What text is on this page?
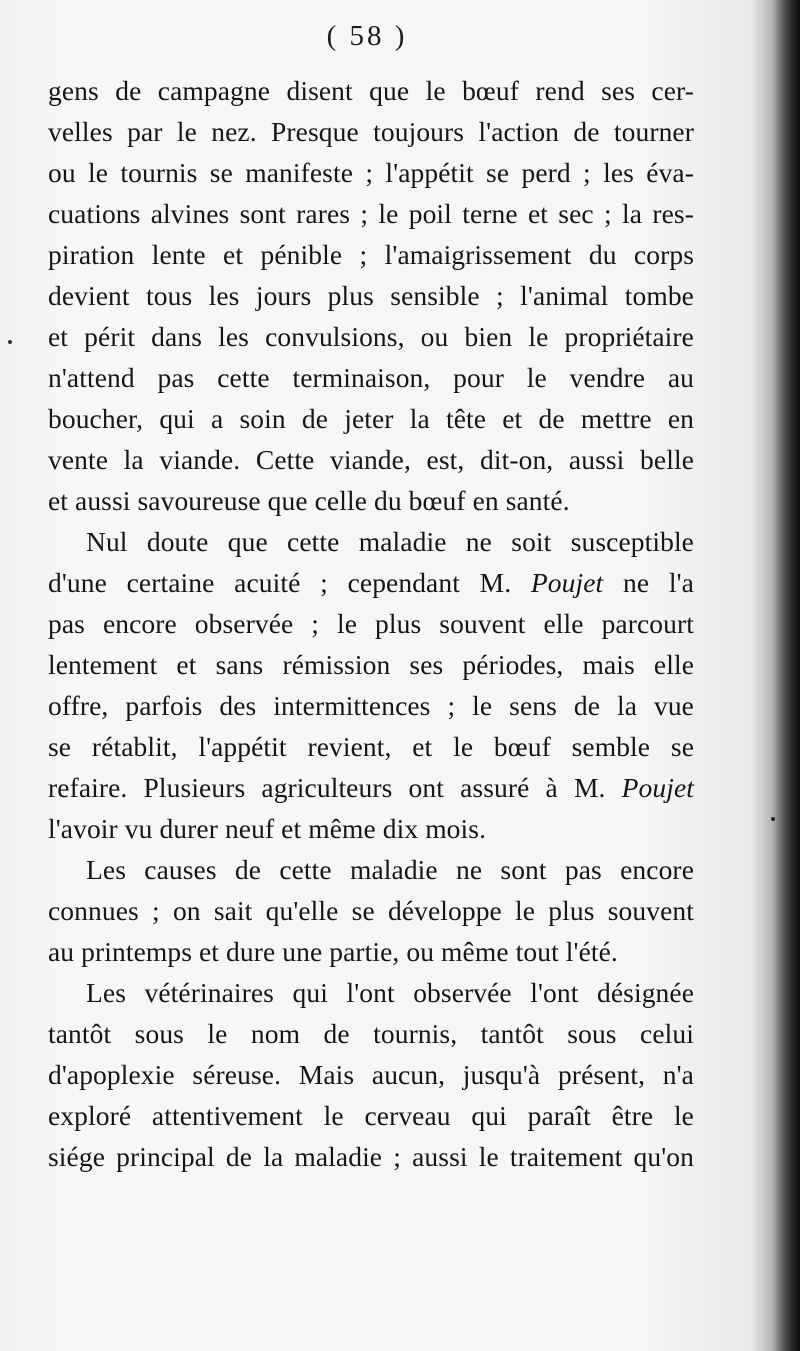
( 58 )
gens de campagne disent que le bœuf rend ses cer-
velles par le nez. Presque toujours l'action de tourner
ou le tournis se manifeste ; l'appétit se perd ; les éva-
cuations alvines sont rares ; le poil terne et sec ; la res-
piration lente et pénible ; l'amaigrissement du corps
devient tous les jours plus sensible ; l'animal tombe
et périt dans les convulsions, ou bien le propriétaire
n'attend pas cette terminaison, pour le vendre au
boucher, qui a soin de jeter la tête et de mettre en
vente la viande. Cette viande, est, dit-on, aussi belle
et aussi savoureuse que celle du bœuf en santé.
Nul doute que cette maladie ne soit susceptible
d'une certaine acuité ; cependant M. Poujet ne l'a
pas encore observée ; le plus souvent elle parcourt
lentement et sans rémission ses périodes, mais elle
offre, parfois des intermittences ; le sens de la vue
se rétablit, l'appétit revient, et le bœuf semble se
refaire. Plusieurs agriculteurs ont assuré à M. Poujet
l'avoir vu durer neuf et même dix mois.
Les causes de cette maladie ne sont pas encore
connues ; on sait qu'elle se développe le plus souvent
au printemps et dure une partie, ou même tout l'été.
Les vétérinaires qui l'ont observée l'ont désignée
tantôt sous le nom de tournis, tantôt sous celui
d'apoplexie séreuse. Mais aucun, jusqu'à présent, n'a
exploré attentivement le cerveau qui paraît être le
siége principal de la maladie ; aussi le traitement qu'on
